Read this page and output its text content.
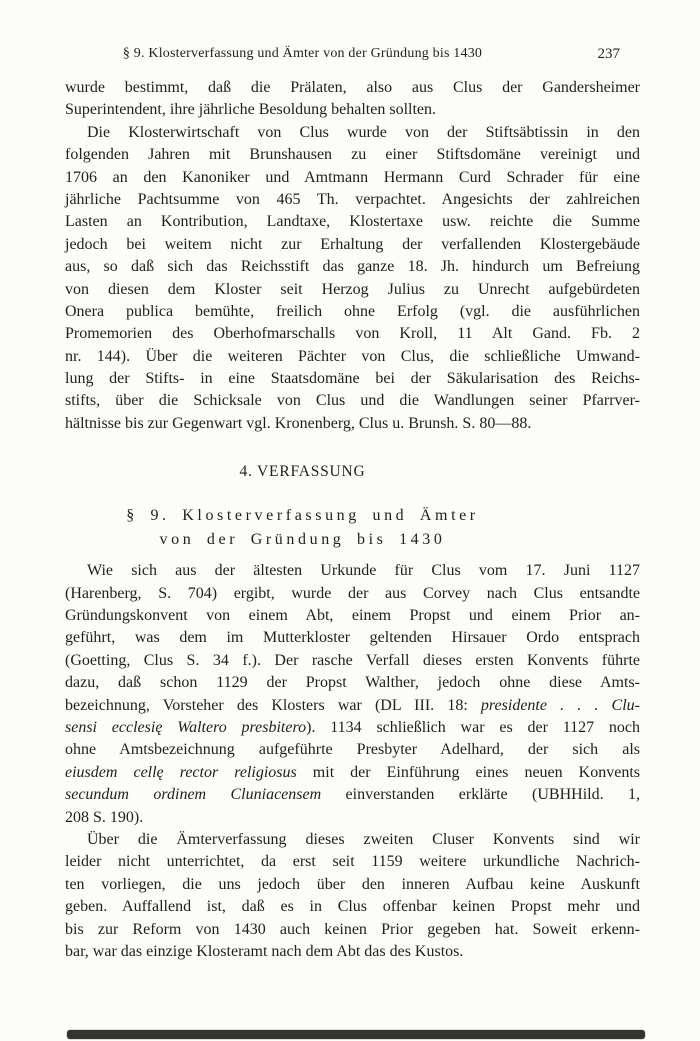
§ 9. Klosterverfassung und Ämter von der Gründung bis 1430	237
wurde bestimmt, daß die Prälaten, also aus Clus der Gandersheimer
Superintendent, ihre jährliche Besoldung behalten sollten.
Die Klosterwirtschaft von Clus wurde von der Stiftsäbtissin in den
folgenden Jahren mit Brunshausen zu einer Stiftsdomäne vereinigt und
1706 an den Kanoniker und Amtmann Hermann Curd Schrader für eine
jährliche Pachtsumme von 465 Th. verpachtet. Angesichts der zahlreichen
Lasten an Kontribution, Landtaxe, Klostertaxe usw. reichte die Summe
jedoch bei weitem nicht zur Erhaltung der verfallenden Klostergebäude
aus, so daß sich das Reichsstift das ganze 18. Jh. hindurch um Befreiung
von diesen dem Kloster seit Herzog Julius zu Unrecht aufgebürdeten
Onera publica bemühte, freilich ohne Erfolg (vgl. die ausführlichen
Promemorien des Oberhofmarschalls von Kroll, 11 Alt Gand. Fb. 2
nr. 144). Über die weiteren Pächter von Clus, die schließliche Umwand-
lung der Stifts- in eine Staatsdomäne bei der Säkularisation des Reichs-
stifts, über die Schicksale von Clus und die Wandlungen seiner Pfarrver-
hältnisse bis zur Gegenwart vgl. Kronenberg, Clus u. Brunsh. S. 80—88.
4. VERFASSUNG
§ 9. Klosterverfassung und Ämter
von der Gründung bis 1430
Wie sich aus der ältesten Urkunde für Clus vom 17. Juni 1127
(Harenberg, S. 704) ergibt, wurde der aus Corvey nach Clus entsandte
Gründungskonvent von einem Abt, einem Propst und einem Prior an-
geführt, was dem im Mutterkloster geltenden Hirsauer Ordo entsprach
(Goetting, Clus S. 34 f.). Der rasche Verfall dieses ersten Konvents führte
dazu, daß schon 1129 der Propst Walther, jedoch ohne diese Amts-
bezeichnung, Vorsteher des Klosters war (DL III. 18: presidente . . . Clu-
sensi ecclesię Waltero presbitero). 1134 schließlich war es der 1127 noch
ohne Amtsbezeichnung aufgeführte Presbyter Adelhard, der sich als
eiusdem cellę rector religiosus mit der Einführung eines neuen Konvents
secundum ordinem Cluniacensem einverstanden erklärte (UBHHild. 1,
208 S. 190).
Über die Ämterverfassung dieses zweiten Cluser Konvents sind wir
leider nicht unterrichtet, da erst seit 1159 weitere urkundliche Nachrich-
ten vorliegen, die uns jedoch über den inneren Aufbau keine Auskunft
geben. Auffallend ist, daß es in Clus offenbar keinen Propst mehr und
bis zur Reform von 1430 auch keinen Prior gegeben hat. Soweit erkenn-
bar, war das einzige Klosteramt nach dem Abt das des Kustos.
